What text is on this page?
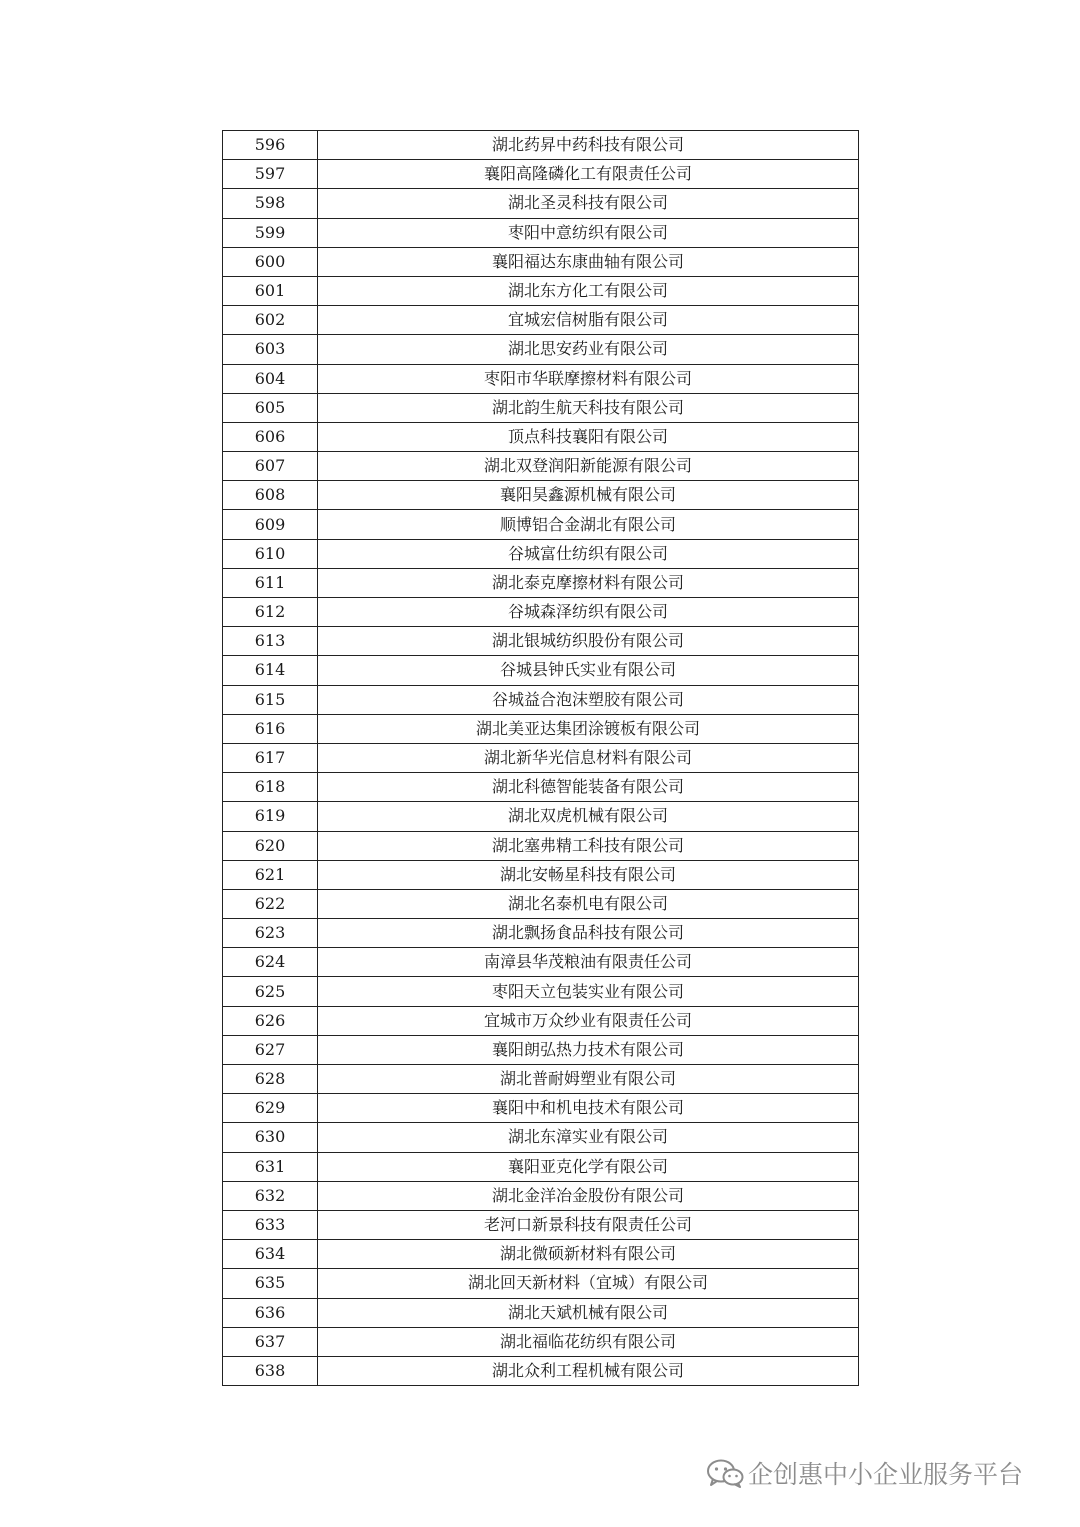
596	湖北药昇中药科技有限公司
597	襄阳高隆磷化工有限责任公司
598	湖北圣灵科技有限公司
599	枣阳中意纺织有限公司
600	襄阳福达东康曲轴有限公司
601	湖北东方化工有限公司
602	宜城宏信树脂有限公司
603	湖北思安药业有限公司
604	枣阳市华联摩擦材料有限公司
605	湖北韵生航天科技有限公司
606	顶点科技襄阳有限公司
607	湖北双登润阳新能源有限公司
608	襄阳昊鑫源机械有限公司
609	顺博铝合金湖北有限公司
610	谷城富仕纺织有限公司
611	湖北泰克摩擦材料有限公司
612	谷城森泽纺织有限公司
613	湖北银城纺织股份有限公司
614	谷城县钟氏实业有限公司
615	谷城益合泡沫塑胶有限公司
616	湖北美亚达集团涂镀板有限公司
617	湖北新华光信息材料有限公司
618	湖北科德智能装备有限公司
619	湖北双虎机械有限公司
620	湖北塞弗精工科技有限公司
621	湖北安畅星科技有限公司
622	湖北名泰机电有限公司
623	湖北飘扬食品科技有限公司
624	南漳县华茂粮油有限责任公司
625	枣阳天立包装实业有限公司
626	宜城市万众纱业有限责任公司
627	襄阳朗弘热力技术有限公司
628	湖北普耐姆塑业有限公司
629	襄阳中和机电技术有限公司
630	湖北东漳实业有限公司
631	襄阳亚克化学有限公司
632	湖北金洋冶金股份有限公司
633	老河口新景科技有限责任公司
634	湖北微硕新材料有限公司
635	湖北回天新材料（宜城）有限公司
636	湖北天斌机械有限公司
637	湖北福临花纺织有限公司
638	湖北众利工程机械有限公司
企创惠中小企业服务平台
